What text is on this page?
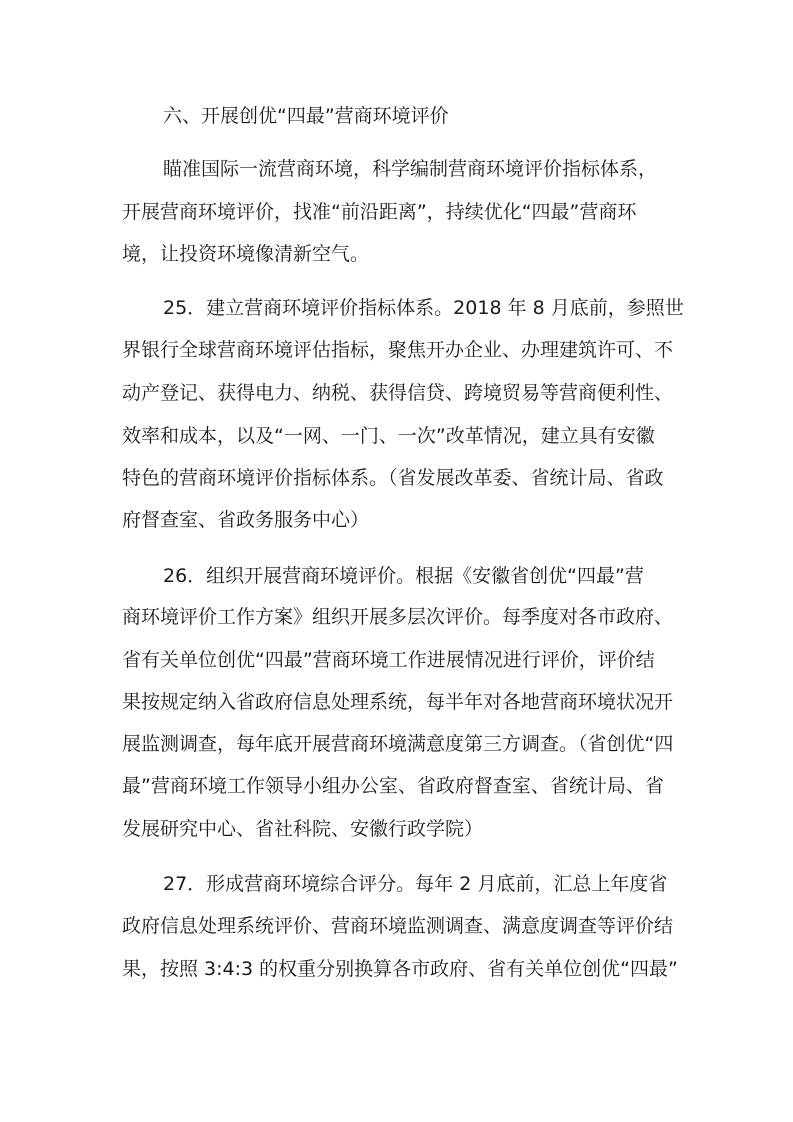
六、开展创优“四最”营商环境评价
瞄准国际一流营商环境，科学编制营商环境评价指标体系，
开展营商环境评价，找准“前沿距离”，持续优化“四最”营商环
境，让投资环境像清新空气。
25．建立营商环境评价指标体系。2018 年 8 月底前，参照世
界银行全球营商环境评估指标，聚焦开办企业、办理建筑许可、不
动产登记、获得电力、纳税、获得信贷、跨境贸易等营商便利性、
效率和成本，以及“一网、一门、一次”改革情况，建立具有安徽
特色的营商环境评价指标体系。（省发展改革委、省统计局、省政
府督查室、省政务服务中心）
26．组织开展营商环境评价。根据《安徽省创优“四最”营
商环境评价工作方案》组织开展多层次评价。每季度对各市政府、
省有关单位创优“四最”营商环境工作进展情况进行评价，评价结
果按规定纳入省政府信息处理系统，每半年对各地营商环境状况开
展监测调查，每年底开展营商环境满意度第三方调查。（省创优“四
最”营商环境工作领导小组办公室、省政府督查室、省统计局、省
发展研究中心、省社科院、安徽行政学院）
27．形成营商环境综合评分。每年 2 月底前，汇总上年度省
政府信息处理系统评价、营商环境监测调查、满意度调查等评价结
果，按照 3:4:3 的权重分别换算各市政府、省有关单位创优“四最”
